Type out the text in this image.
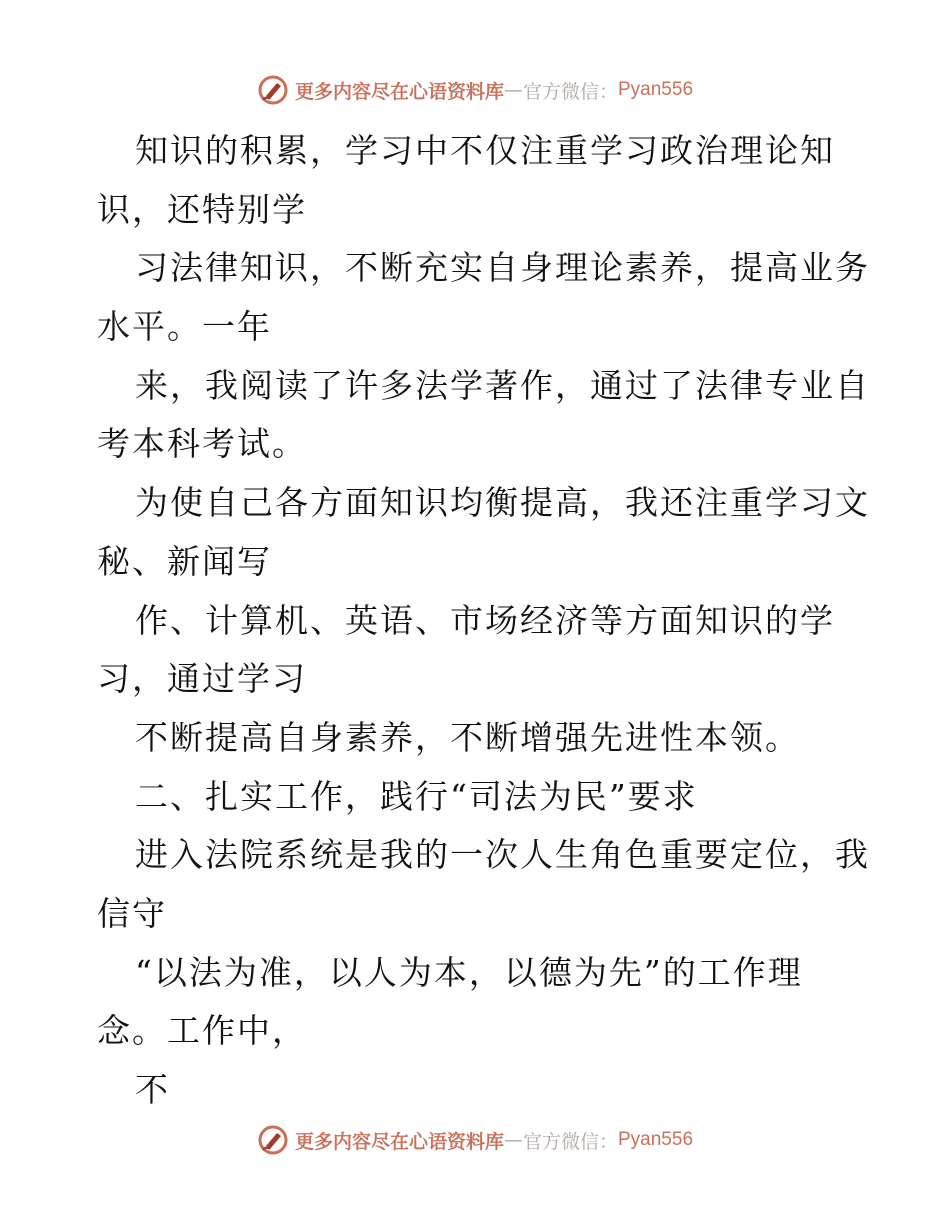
更多内容尽在心语资料库 — 官方微信： Pyan556
知识的积累，学习中不仅注重学习政治理论知
识，还特别学
习法律知识，不断充实自身理论素养，提高业务
水平。一年
来，我阅读了许多法学著作，通过了法律专业自
考本科考试。
为使自己各方面知识均衡提高，我还注重学习文
秘、新闻写
作、计算机、英语、市场经济等方面知识的学
习，通过学习
不断提高自身素养，不断增强先进性本领。
二、扎实工作，践行“司法为民”要求
进入法院系统是我的一次人生角色重要定位，我
信守
“以法为准，以人为本，以德为先”的工作理
念。工作中，
不
更多内容尽在心语资料库 — 官方微信： Pyan556
